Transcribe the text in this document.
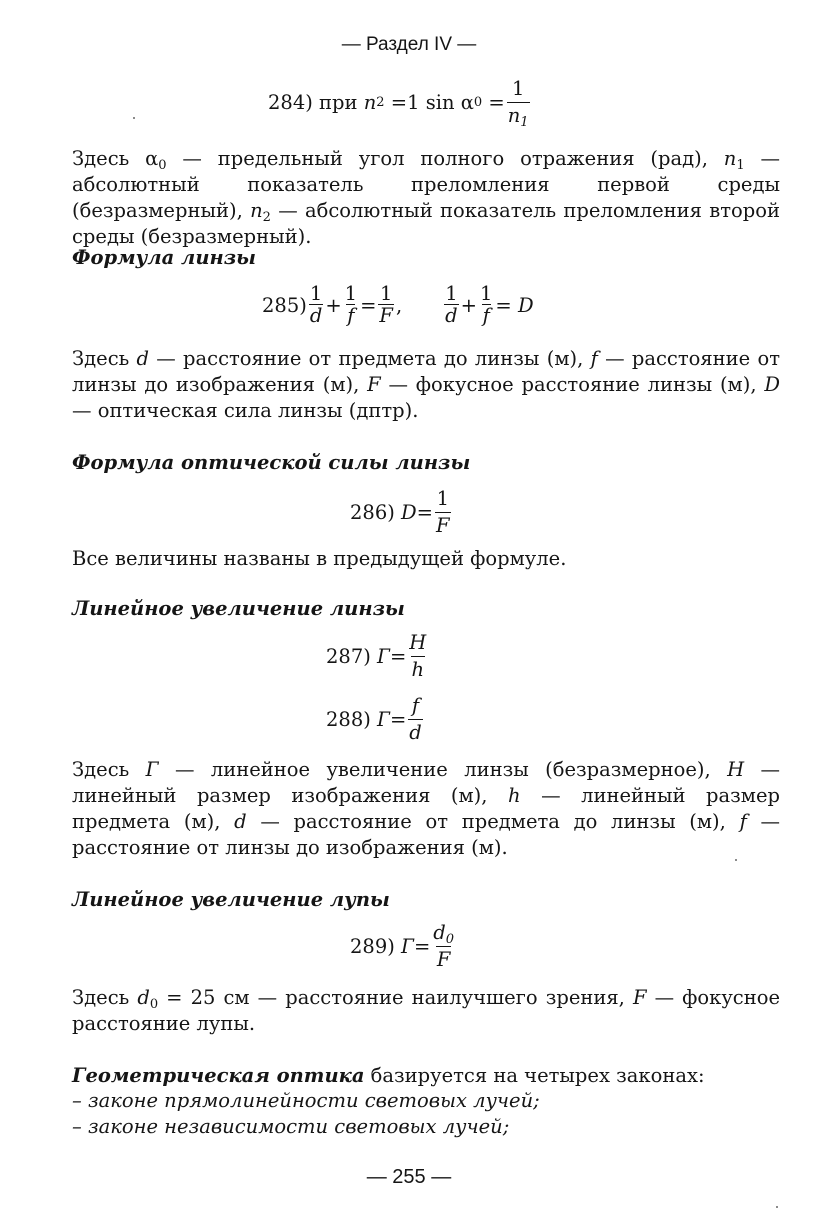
— Раздел IV —
284)
при
n 2
=1
sin
α 0
= $\frac{1}{n_1}$
Здесь $\alpha_0$ — предельный угол полного отражения (рад), $n_1$ — абсолютный показатель преломления первой среды (безразмерный), $n_2$ — абсолютный показатель преломления второй среды (безразмерный).
Формула линзы
$285) \frac{1}{d} + \frac{1}{f} = \frac{1}{F}$ , $\frac{1}{d} + \frac{1}{f}$ =
D
Здесь d — расстояние от предмета до линзы (м), f — расстояние от линзы до изображения (м), F — фокусное расстояние линзы (м), D — оптическая сила линзы (дптр).
Формула оптической силы линзы
286)
$D = \frac{1}{F}$
Все величины названы в предыдущей формуле.
Линейное увеличение линзы
287)
$Г = \frac{H}{h}$
288)
$Г = \frac{f}{d}$
Здесь Г — линейное увеличение линзы (безразмерное), H — линейный размер изображения (м), h — линейный размер предмета (м), d — расстояние от предмета до линзы (м), f — расстояние от линзы до изображения (м).
Линейное увеличение лупы
289)
$Г = \frac{d_0}{F}$
Здесь $d_0 = 25$ см — расстояние наилучшего зрения, F — фокусное расстояние лупы.
Геометрическая оптика базируется на четырех законах:
– законе прямолинейности световых лучей;
– законе независимости световых лучей;
— 255 —
